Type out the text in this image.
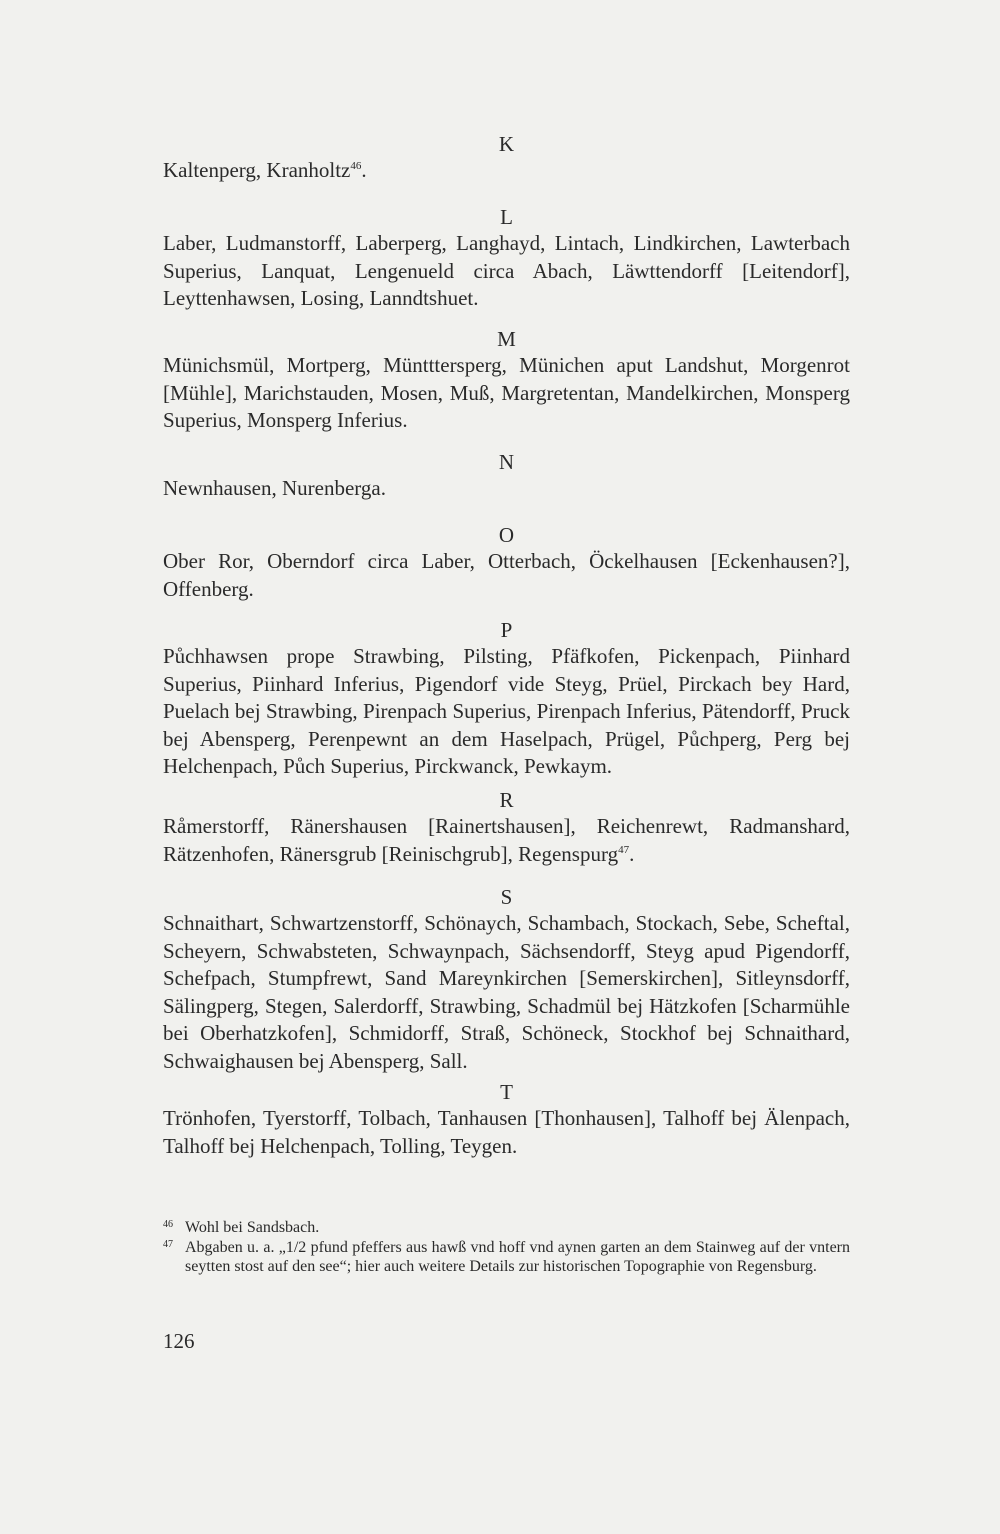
K

Kaltenperg, Kranholtz$^{46}$.

L

Laber, Ludmanstorff, Laberperg, Langhayd, Lintach, Lindkirchen, Lawterbach Superius, Lanquat, Lengenueld circa Abach, Läwttendorff [Leitendorf], Leyttenhawsen, Losing, Lanndtshuet.

M

Münichsmül, Mortperg, Müntttersperg, Münichen aput Landshut, Morgenrot [Mühle], Marichstauden, Mosen, Muß, Margretentan, Mandelkirchen, Monsperg Superius, Monsperg Inferius.

N

Newnhausen, Nurenberga.

O

Ober Ror, Oberndorf circa Laber, Otterbach, Öckelhausen [Eckenhausen?], Offenberg.

P

Půchhawsen prope Strawbing, Pilsting, Pfäfkofen, Pickenpach, Piinhard Superius, Piinhard Inferius, Pigendorf vide Steyg, Prüel, Pirckach bey Hard, Puelach bej Strawbing, Pirenpach Superius, Pirenpach Inferius, Pätendorff, Pruck bej Abensperg, Perenpewnt an dem Haselpach, Prügel, Půchperg, Perg bej Helchenpach, Půch Superius, Pirckwanck, Pewkaym.

R

Råmerstorff, Ränershausen [Rainertshausen], Reichenrewt, Radmanshard, Rätzenhofen, Ränersgrub [Reinischgrub], Regenspurg$^{47}$.

S

Schnaithart, Schwartzenstorff, Schönaych, Schambach, Stockach, Sebe, Scheftal, Scheyern, Schwabsteten, Schwaynpach, Sächsendorff, Steyg apud Pigendorff, Schefpach, Stumpfrewt, Sand Mareynkirchen [Semerskirchen], Sitleynsdorff, Sälingperg, Stegen, Salerdorff, Strawbing, Schadmül bej Hätzkofen [Scharmühle bei Oberhatzkofen], Schmidorff, Straß, Schöneck, Stockhof bej Schnaithard, Schwaighausen bej Abensperg, Sall.

T

Trönhofen, Tyerstorff, Tolbach, Tanhausen [Thonhausen], Talhoff bej Älenpach, Talhoff bej Helchenpach, Tolling, Teygen.

46 Wohl bei Sandsbach.
47 Abgaben u. a. „1/2 pfund pfeffers aus hawß vnd hoff vnd aynen garten an dem Stainweg auf der vntern seytten stost auf den see“; hier auch weitere Details zur historischen Topographie von Regensburg.
126
